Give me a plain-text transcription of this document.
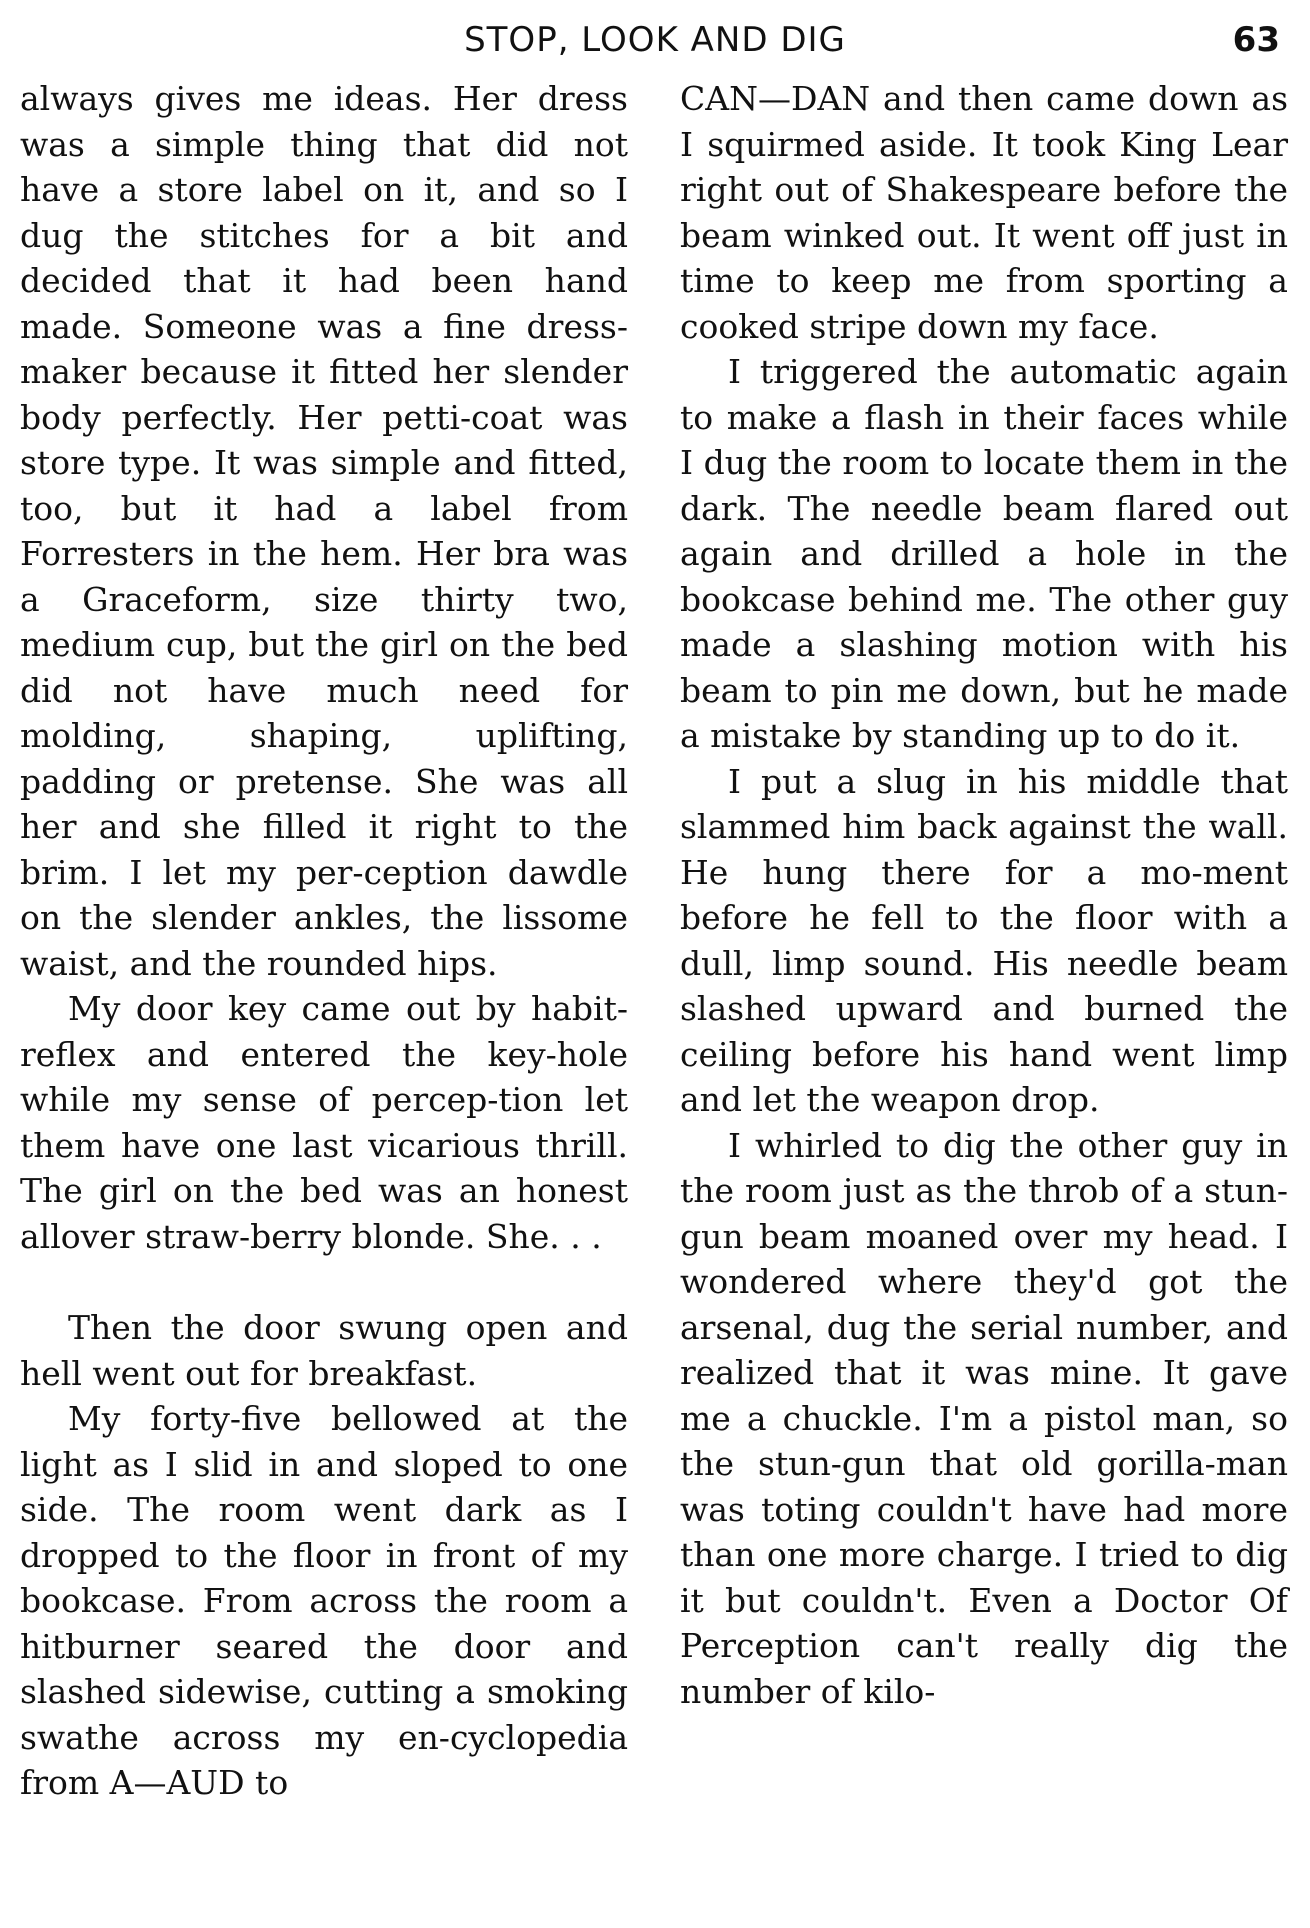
STOP, LOOK AND DIG	63

always gives me ideas. Her dress was a simple thing that did not have a store label on it, and so I dug the stitches for a bit and decided that it had been hand made. Someone was a fine dress-maker because it fitted her slender body perfectly. Her petti-coat was store type. It was simple and fitted, too, but it had a label from Forresters in the hem. Her bra was a Graceform, size thirty two, medium cup, but the girl on the bed did not have much need for molding, shaping, uplifting, padding or pretense. She was all her and she filled it right to the brim. I let my per-ception dawdle on the slender ankles, the lissome waist, and the rounded hips.

My door key came out by habit-reflex and entered the key-hole while my sense of percep-tion let them have one last vicarious thrill. The girl on the bed was an honest allover straw-berry blonde. She. . .

Then the door swung open and hell went out for breakfast.

My forty-five bellowed at the light as I slid in and sloped to one side. The room went dark as I dropped to the floor in front of my bookcase. From across the room a hitburner seared the door and slashed sidewise, cutting a smoking swathe across my en-cyclopedia from A—AUD to

CAN—DAN and then came down as I squirmed aside. It took King Lear right out of Shakespeare before the beam winked out. It went off just in time to keep me from sporting a cooked stripe down my face.

I triggered the automatic again to make a flash in their faces while I dug the room to locate them in the dark. The needle beam flared out again and drilled a hole in the bookcase behind me. The other guy made a slashing motion with his beam to pin me down, but he made a mistake by standing up to do it.

I put a slug in his middle that slammed him back against the wall. He hung there for a mo-ment before he fell to the floor with a dull, limp sound. His needle beam slashed upward and burned the ceiling before his hand went limp and let the weapon drop.

I whirled to dig the other guy in the room just as the throb of a stun-gun beam moaned over my head. I wondered where they'd got the arsenal, dug the serial number, and realized that it was mine. It gave me a chuckle. I'm a pistol man, so the stun-gun that old gorilla-man was toting couldn't have had more than one more charge. I tried to dig it but couldn't. Even a Doctor Of Perception can't really dig the number of kilo-
